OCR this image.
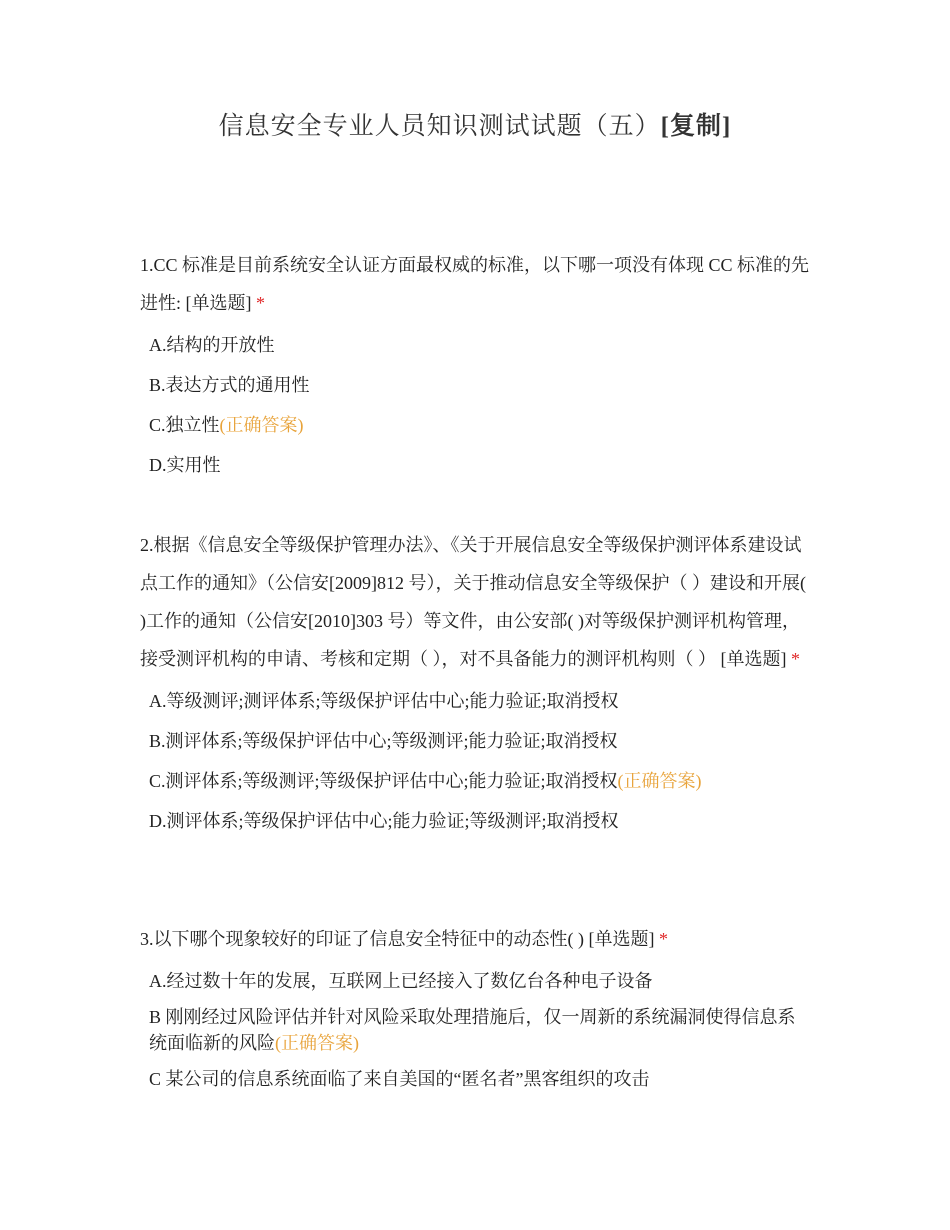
信息安全专业人员知识测试试题（五）[复制]
1.CC 标准是目前系统安全认证方面最权威的标准，以下哪一项没有体现 CC 标准的先进性: [单选题] *
A.结构的开放性
B.表达方式的通用性
C.独立性(正确答案)
D.实用性
2.根据《信息安全等级保护管理办法》、《关于开展信息安全等级保护测评体系建设试点工作的通知》（公信安[2009]812 号），关于推动信息安全等级保护（ ）建设和开展( )工作的通知（公信安[2010]303 号）等文件，由公安部( )对等级保护测评机构管理，接受测评机构的申请、考核和定期（ ），对不具备能力的测评机构则（ ） [单选题] *
A.等级测评;测评体系;等级保护评估中心;能力验证;取消授权
B.测评体系;等级保护评估中心;等级测评;能力验证;取消授权
C.测评体系;等级测评;等级保护评估中心;能力验证;取消授权(正确答案)
D.测评体系;等级保护评估中心;能力验证;等级测评;取消授权
3.以下哪个现象较好的印证了信息安全特征中的动态性( ) [单选题] *
A.经过数十年的发展，互联网上已经接入了数亿台各种电子设备
B 刚刚经过风险评估并针对风险采取处理措施后，仅一周新的系统漏洞使得信息系统面临新的风险(正确答案)
C 某公司的信息系统面临了来自美国的“匿名者”黑客组织的攻击
